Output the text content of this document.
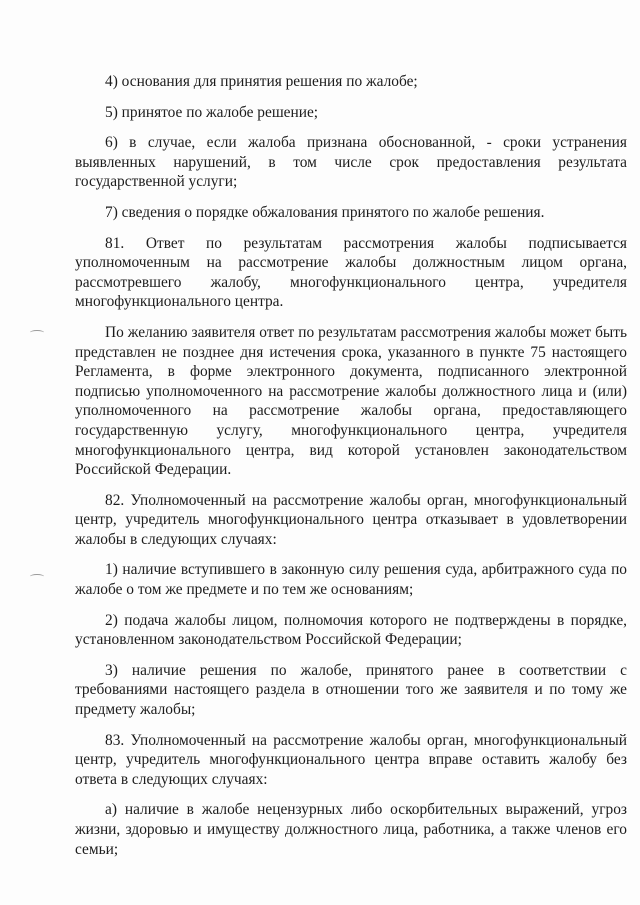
4) основания для принятия решения по жалобе;

5) принятое по жалобе решение;

6) в случае, если жалоба признана обоснованной, - сроки устранения выявленных нарушений, в том числе срок предоставления результата государственной услуги;

7) сведения о порядке обжалования принятого по жалобе решения.

81. Ответ по результатам рассмотрения жалобы подписывается уполномоченным на рассмотрение жалобы должностным лицом органа, рассмотревшего жалобу, многофункционального центра, учредителя многофункционального центра.

По желанию заявителя ответ по результатам рассмотрения жалобы может быть представлен не позднее дня истечения срока, указанного в пункте 75 настоящего Регламента, в форме электронного документа, подписанного электронной подписью уполномоченного на рассмотрение жалобы должностного лица и (или) уполномоченного на рассмотрение жалобы органа, предоставляющего государственную услугу, многофункционального центра, учредителя многофункционального центра, вид которой установлен законодательством Российской Федерации.

82. Уполномоченный на рассмотрение жалобы орган, многофункциональный центр, учредитель многофункционального центра отказывает в удовлетворении жалобы в следующих случаях:

1) наличие вступившего в законную силу решения суда, арбитражного суда по жалобе о том же предмете и по тем же основаниям;

2) подача жалобы лицом, полномочия которого не подтверждены в порядке, установленном законодательством Российской Федерации;

3) наличие решения по жалобе, принятого ранее в соответствии с требованиями настоящего раздела в отношении того же заявителя и по тому же предмету жалобы;

83. Уполномоченный на рассмотрение жалобы орган, многофункциональный центр, учредитель многофункционального центра вправе оставить жалобу без ответа в следующих случаях:

а) наличие в жалобе нецензурных либо оскорбительных выражений, угроз жизни, здоровью и имуществу должностного лица, работника, а также членов его семьи;
